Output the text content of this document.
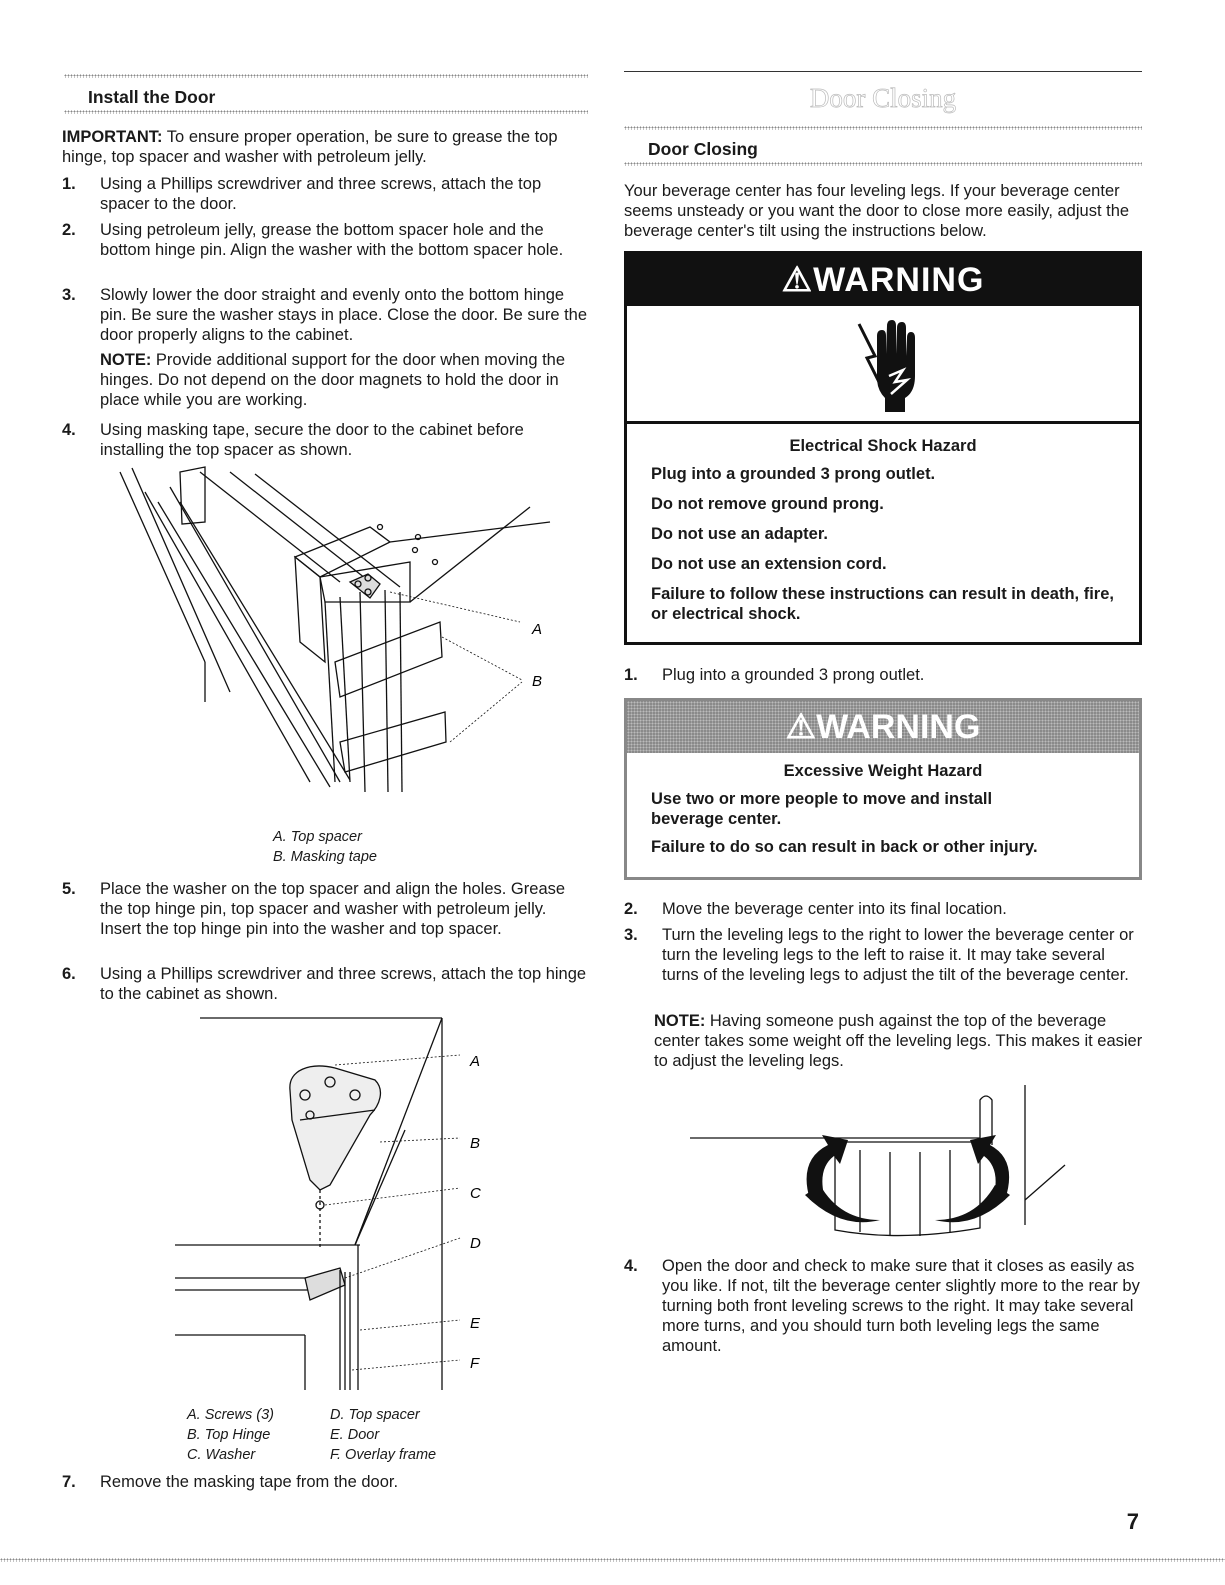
Install the Door
IMPORTANT: To ensure proper operation, be sure to grease the top hinge, top spacer and washer with petroleum jelly.
1. Using a Phillips screwdriver and three screws, attach the top spacer to the door.
2. Using petroleum jelly, grease the bottom spacer hole and the bottom hinge pin. Align the washer with the bottom spacer hole.
3. Slowly lower the door straight and evenly onto the bottom hinge pin. Be sure the washer stays in place. Close the door. Be sure the door properly aligns to the cabinet.
NOTE: Provide additional support for the door when moving the hinges. Do not depend on the door magnets to hold the door in place while you are working.
4. Using masking tape, secure the door to the cabinet before installing the top spacer as shown.
A
B
A. Top spacer
B. Masking tape
5. Place the washer on the top spacer and align the holes. Grease the top hinge pin, top spacer and washer with petroleum jelly. Insert the top hinge pin into the washer and top spacer.
6. Using a Phillips screwdriver and three screws, attach the top hinge to the cabinet as shown.
A
B
C
D
E
F
A. Screws (3)
B. Top Hinge
C. Washer
D. Top spacer
E. Door
F. Overlay frame
7. Remove the masking tape from the door.
Door Closing
Door Closing
Your beverage center has four leveling legs. If your beverage center seems unsteady or you want the door to close more easily, adjust the beverage center's tilt using the instructions below.
⚠WARNING
Electrical Shock Hazard

Plug into a grounded 3 prong outlet.

Do not remove ground prong.

Do not use an adapter.

Do not use an extension cord.

Failure to follow these instructions can result in death, fire, or electrical shock.

1. Plug into a grounded 3 prong outlet.
⚠WARNING
Excessive Weight Hazard

Use two or more people to move and install beverage center.

Failure to do so can result in back or other injury.

2. Move the beverage center into its final location.
3. Turn the leveling legs to the right to lower the beverage center or turn the leveling legs to the left to raise it. It may take several turns of the leveling legs to adjust the tilt of the beverage center.
NOTE: Having someone push against the top of the beverage center takes some weight off the leveling legs. This makes it easier to adjust the leveling legs.
4. Open the door and check to make sure that it closes as easily as you like. If not, tilt the beverage center slightly more to the rear by turning both front leveling screws to the right. It may take several more turns, and you should turn both leveling legs the same amount.
7
